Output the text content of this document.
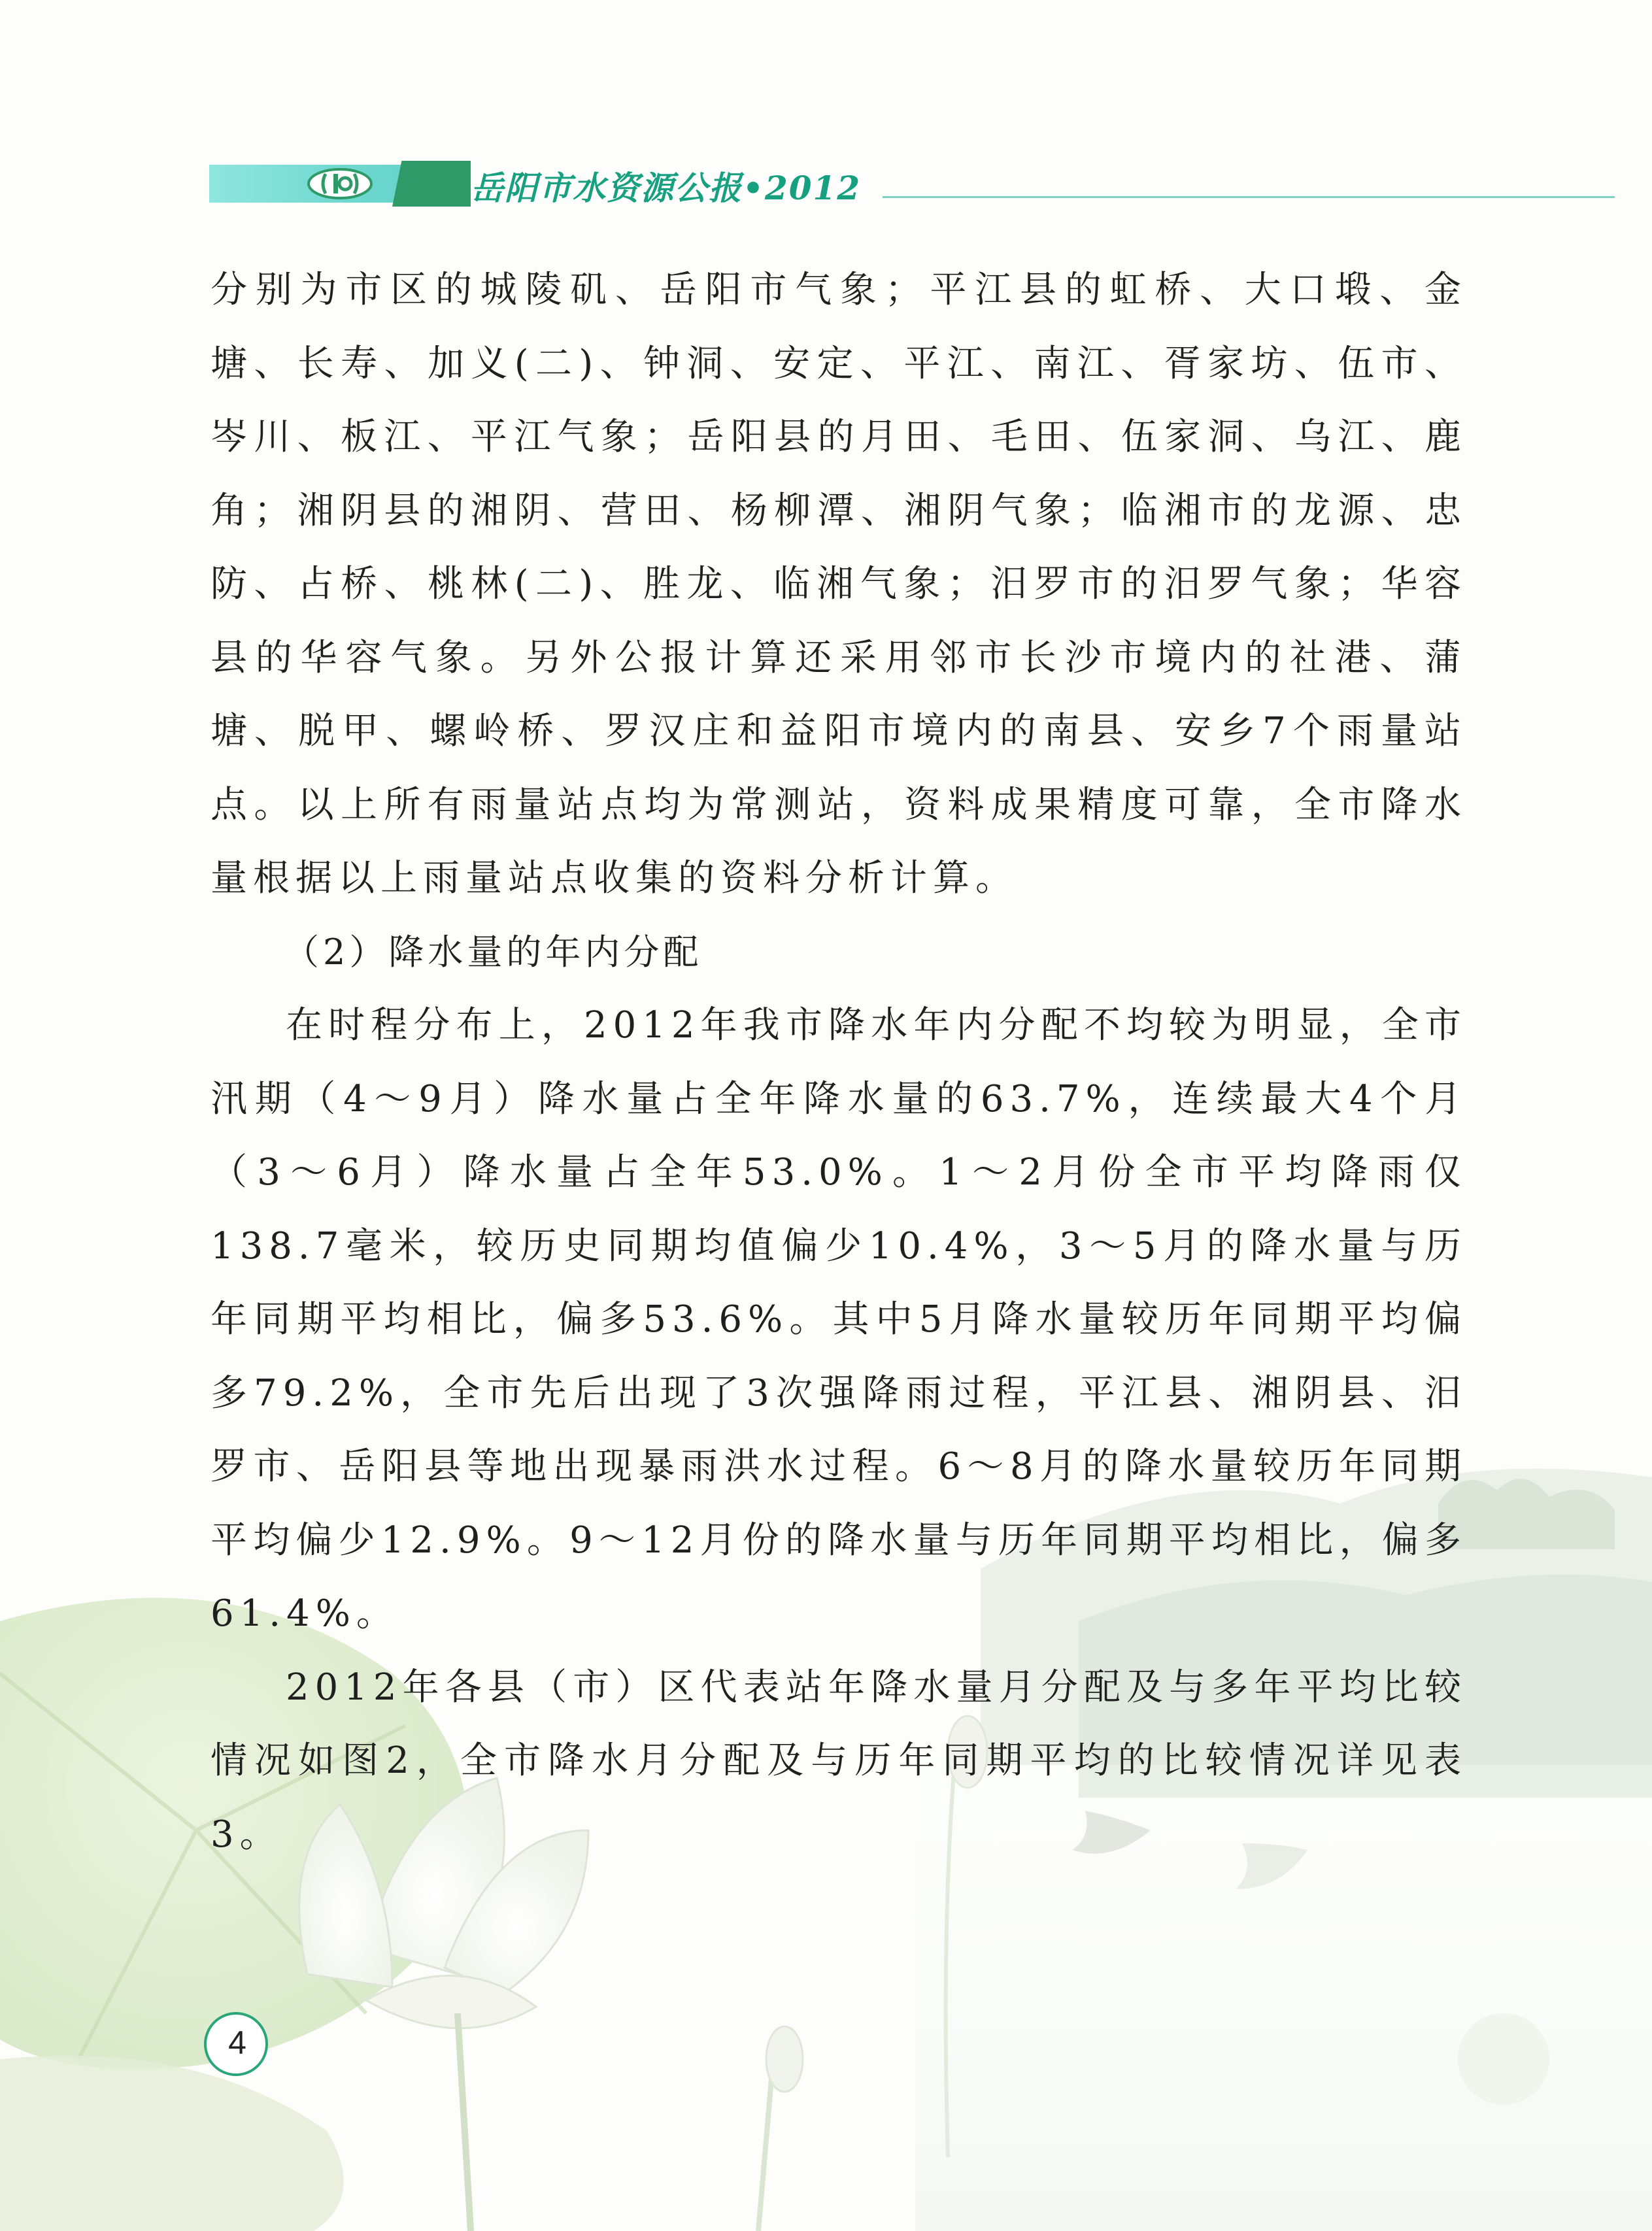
岳阳市水资源公报•2012

分别为市区的城陵矶、岳阳市气象；平江县的虹桥、大口塅、金塘、长寿、加义(二)、钟洞、安定、平江、南江、胥家坊、伍市、岑川、板江、平江气象；岳阳县的月田、毛田、伍家洞、乌江、鹿角；湘阴县的湘阴、营田、杨柳潭、湘阴气象；临湘市的龙源、忠防、占桥、桃林(二)、胜龙、临湘气象；汨罗市的汨罗气象；华容县的华容气象。另外公报计算还采用邻市长沙市境内的社港、蒲塘、脱甲、螺岭桥、罗汉庄和益阳市境内的南县、安乡7个雨量站点。以上所有雨量站点均为常测站，资料成果精度可靠，全市降水量根据以上雨量站点收集的资料分析计算。

（2）降水量的年内分配

在时程分布上，2012年我市降水年内分配不均较为明显，全市汛期（4～9月）降水量占全年降水量的63.7%，连续最大4个月（3～6月）降水量占全年53.0%。1～2月份全市平均降雨仅138.7毫米，较历史同期均值偏少10.4%，3～5月的降水量与历年同期平均相比，偏多53.6%。其中5月降水量较历年同期平均偏多79.2%，全市先后出现了3次强降雨过程，平江县、湘阴县、汨罗市、岳阳县等地出现暴雨洪水过程。6～8月的降水量较历年同期平均偏少12.9%。9～12月份的降水量与历年同期平均相比，偏多61.4%。

2012年各县（市）区代表站年降水量月分配及与多年平均比较情况如图2，全市降水月分配及与历年同期平均的比较情况详见表3。

4
